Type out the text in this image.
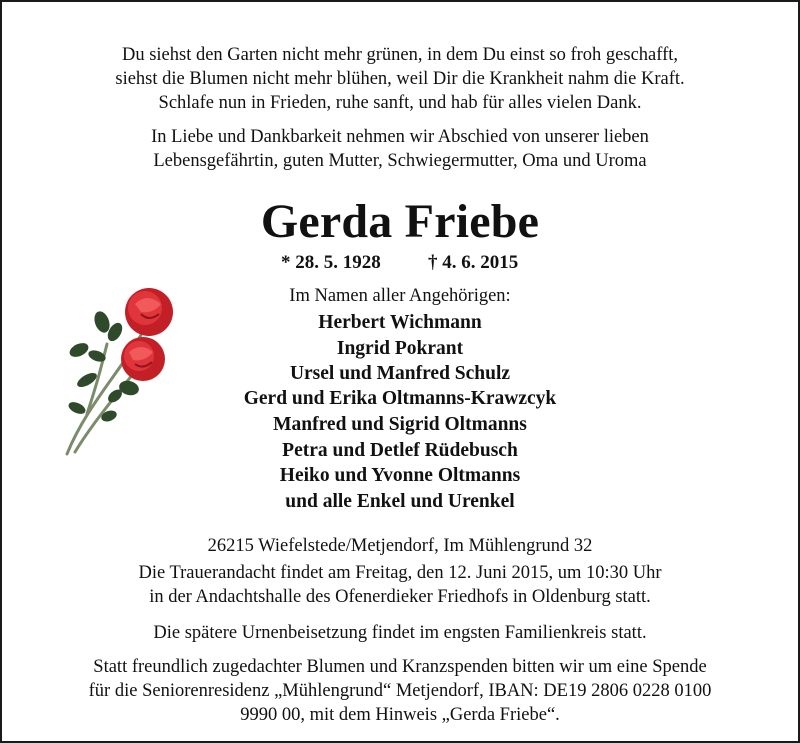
Du siehst den Garten nicht mehr grünen, in dem Du einst so froh geschafft,
siehst die Blumen nicht mehr blühen, weil Dir die Krankheit nahm die Kraft.
Schlafe nun in Frieden, ruhe sanft, und hab für alles vielen Dank.
In Liebe und Dankbarkeit nehmen wir Abschied von unserer lieben
Lebensgefährtin, guten Mutter, Schwiegermutter, Oma und Uroma
Gerda Friebe
* 28. 5. 1928 † 4. 6. 2015
Im Namen aller Angehörigen:
Herbert Wichmann
Ingrid Pokrant
Ursel und Manfred Schulz
Gerd und Erika Oltmanns-Krawzcyk
Manfred und Sigrid Oltmanns
Petra und Detlef Rüdebusch
Heiko und Yvonne Oltmanns
und alle Enkel und Urenkel
26215 Wiefelstede/Metjendorf, Im Mühlengrund 32
Die Trauerandacht findet am Freitag, den 12. Juni 2015, um 10:30 Uhr
in der Andachtshalle des Ofenerdieker Friedhofs in Oldenburg statt.
Die spätere Urnenbeisetzung findet im engsten Familienkreis statt.
Statt freundlich zugedachter Blumen und Kranzspenden bitten wir um eine Spende
für die Seniorenresidenz „Mühlengrund“ Metjendorf, IBAN: DE19 2806 0228 0100
9990 00, mit dem Hinweis „Gerda Friebe“.
